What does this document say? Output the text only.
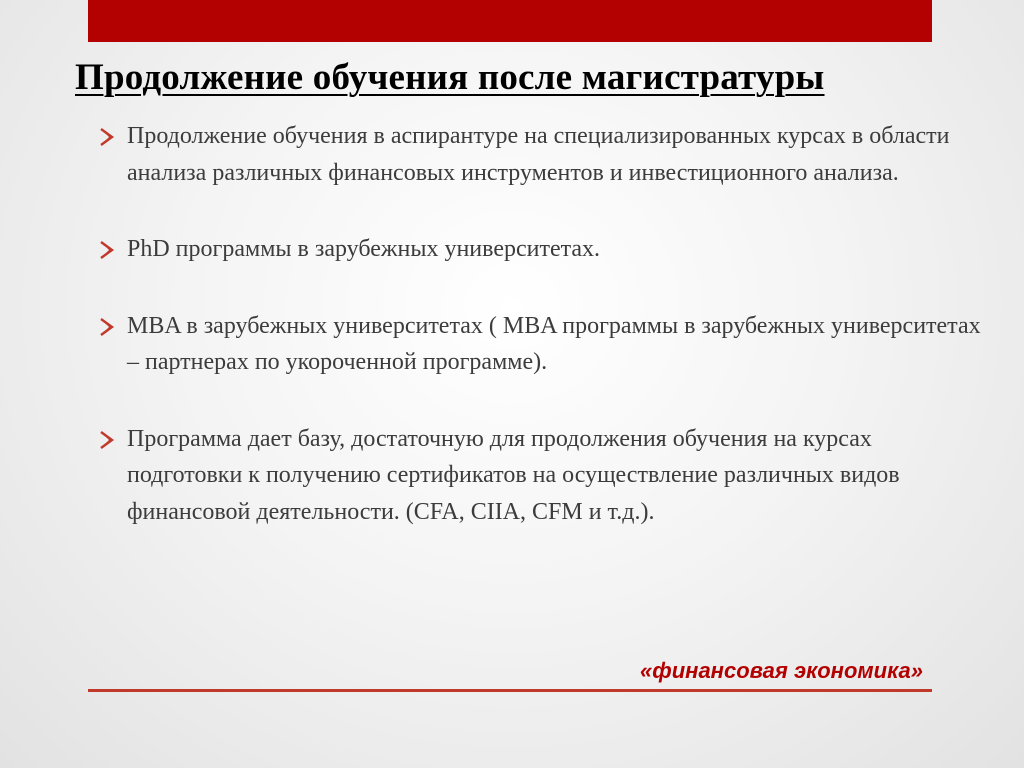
Продолжение обучения после магистратуры
Продолжение обучения в аспирантуре на специализированных курсах в области анализа различных финансовых инструментов и инвестиционного анализа.
PhD программы в зарубежных университетах.
MBA в зарубежных университетах ( MBA программы в зарубежных университетах – партнерах по укороченной программе).
Программа дает базу, достаточную для продолжения обучения на курсах подготовки к получению сертификатов на осуществление различных видов финансовой деятельности. (CFA, CIIA, CFM и т.д.).
«финансовая экономика»
